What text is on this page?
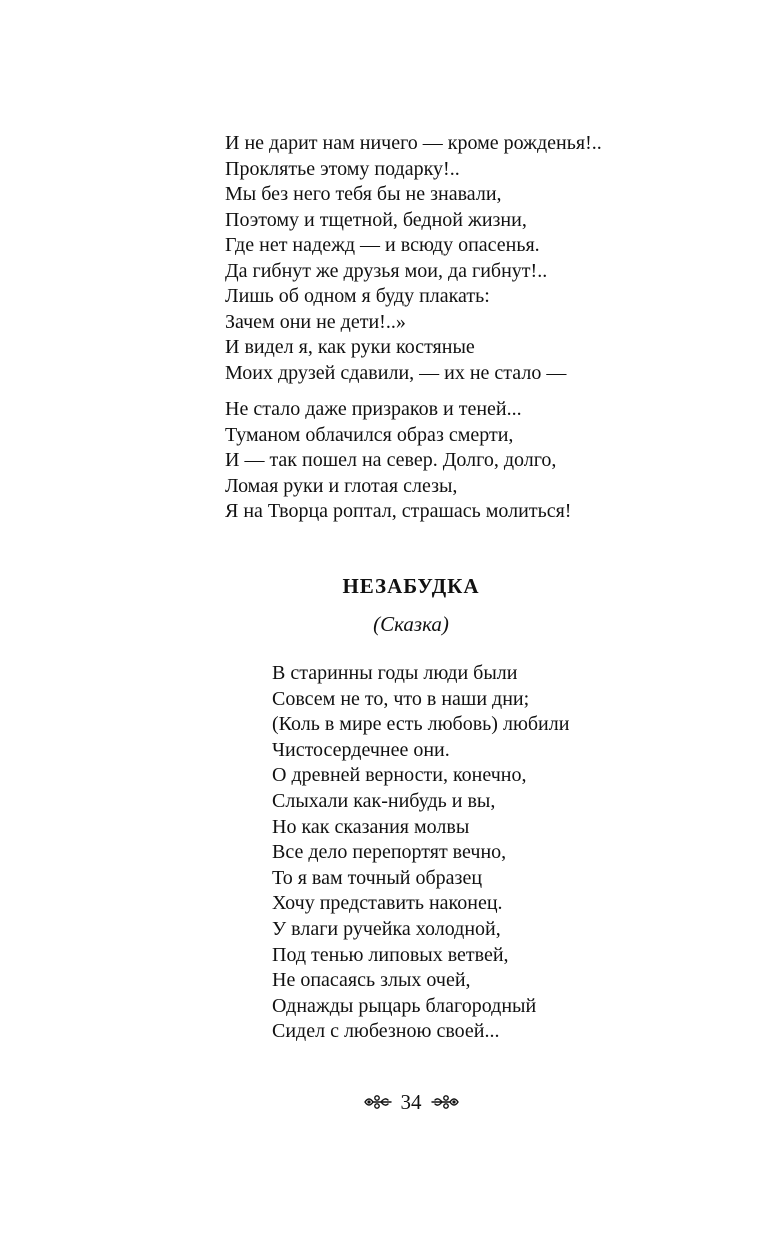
И не дарит нам ничего — кроме рожденья!..
Проклятье этому подарку!..
Мы без него тебя бы не знавали,
Поэтому и тщетной, бедной жизни,
Где нет надежд — и всюду опасенья.
Да гибнут же друзья мои, да гибнут!..
Лишь об одном я буду плакать:
Зачем они не дети!..»
И видел я, как руки костяные
Моих друзей сдавили, — их не стало —
Не стало даже призраков и теней...
Туманом облачился образ смерти,
И — так пошел на север. Долго, долго,
Ломая руки и глотая слезы,
Я на Творца роптал, страшась молиться!
НЕЗАБУДКА
(Сказка)
В старинны годы люди были
Совсем не то, что в наши дни;
(Коль в мире есть любовь) любили
Чистосердечнее они.
О древней верности, конечно,
Слыхали как-нибудь и вы,
Но как сказания молвы
Все дело перепортят вечно,
То я вам точный образец
Хочу представить наконец.
У влаги ручейка холодной,
Под тенью липовых ветвей,
Не опасаясь злых очей,
Однажды рыцарь благородный
Сидел с любезною своей...
34
